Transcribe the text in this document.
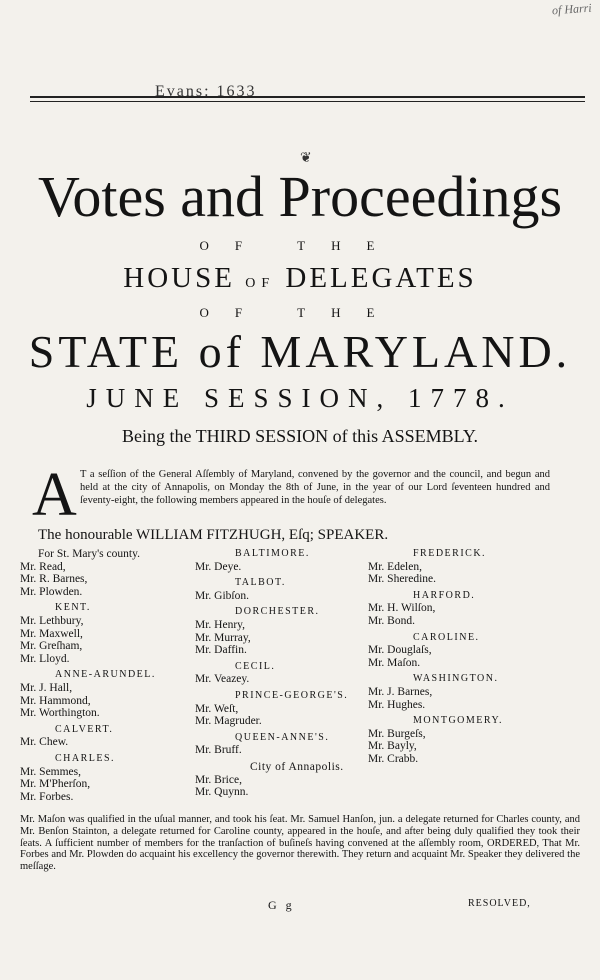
of Harri
Evans: 1633
❦
Votes and Proceedings
OF THE
HOUSE OF DELEGATES
OF THE
STATE of MARYLAND.
JUNE SESSION, 1778.
Being the THIRD SESSION of this ASSEMBLY.
A T a seſſion of the General Aſſembly of Maryland, convened by the governor and the council, and begun and held at the city of Annapolis, on Monday the 8th of June, in the year of our Lord ſeventeen hundred and ſeventy-eight, the following members appeared in the houſe of delegates.
The honourable WILLIAM FITZHUGH, Eſq; SPEAKER.
For St. Mary's county.
Mr. Read,
Mr. R. Barnes,
Mr. Plowden.
KENT.
Mr. Lethbury,
Mr. Maxwell,
Mr. Greſham,
Mr. Lloyd.
ANNE-ARUNDEL.
Mr. J. Hall,
Mr. Hammond,
Mr. Worthington.
CALVERT.
Mr. Chew.
CHARLES.
Mr. Semmes,
Mr. M'Pherſon,
Mr. Forbes.
BALTIMORE.
Mr. Deye.
TALBOT.
Mr. Gibſon.
DORCHESTER.
Mr. Henry,
Mr. Murray,
Mr. Daffin.
CECIL.
Mr. Veazey.
PRINCE-GEORGE'S.
Mr. Weſt,
Mr. Magruder.
QUEEN-ANNE'S.
Mr. Bruff.
City of Annapolis.
Mr. Brice,
Mr. Quynn.
FREDERICK.
Mr. Edelen,
Mr. Sheredine.
HARFORD.
Mr. H. Wilſon,
Mr. Bond.
CAROLINE.
Mr. Douglaſs,
Mr. Maſon.
WASHINGTON.
Mr. J. Barnes,
Mr. Hughes.
MONTGOMERY.
Mr. Burgeſs,
Mr. Bayly,
Mr. Crabb.
Mr. Maſon was qualified in the uſual manner, and took his ſeat. Mr. Samuel Hanſon, jun. a delegate returned for Charles county, and Mr. Benſon Stainton, a delegate returned for Caroline county, appeared in the houſe, and after being duly qualified they took their ſeats. A ſufficient number of members for the tranſaction of buſineſs having convened at the aſſembly room, ORDERED, That Mr. Forbes and Mr. Plowden do acquaint his excellency the governor therewith. They return and acquaint Mr. Speaker they delivered the meſſage.
G g	RESOLVED,
